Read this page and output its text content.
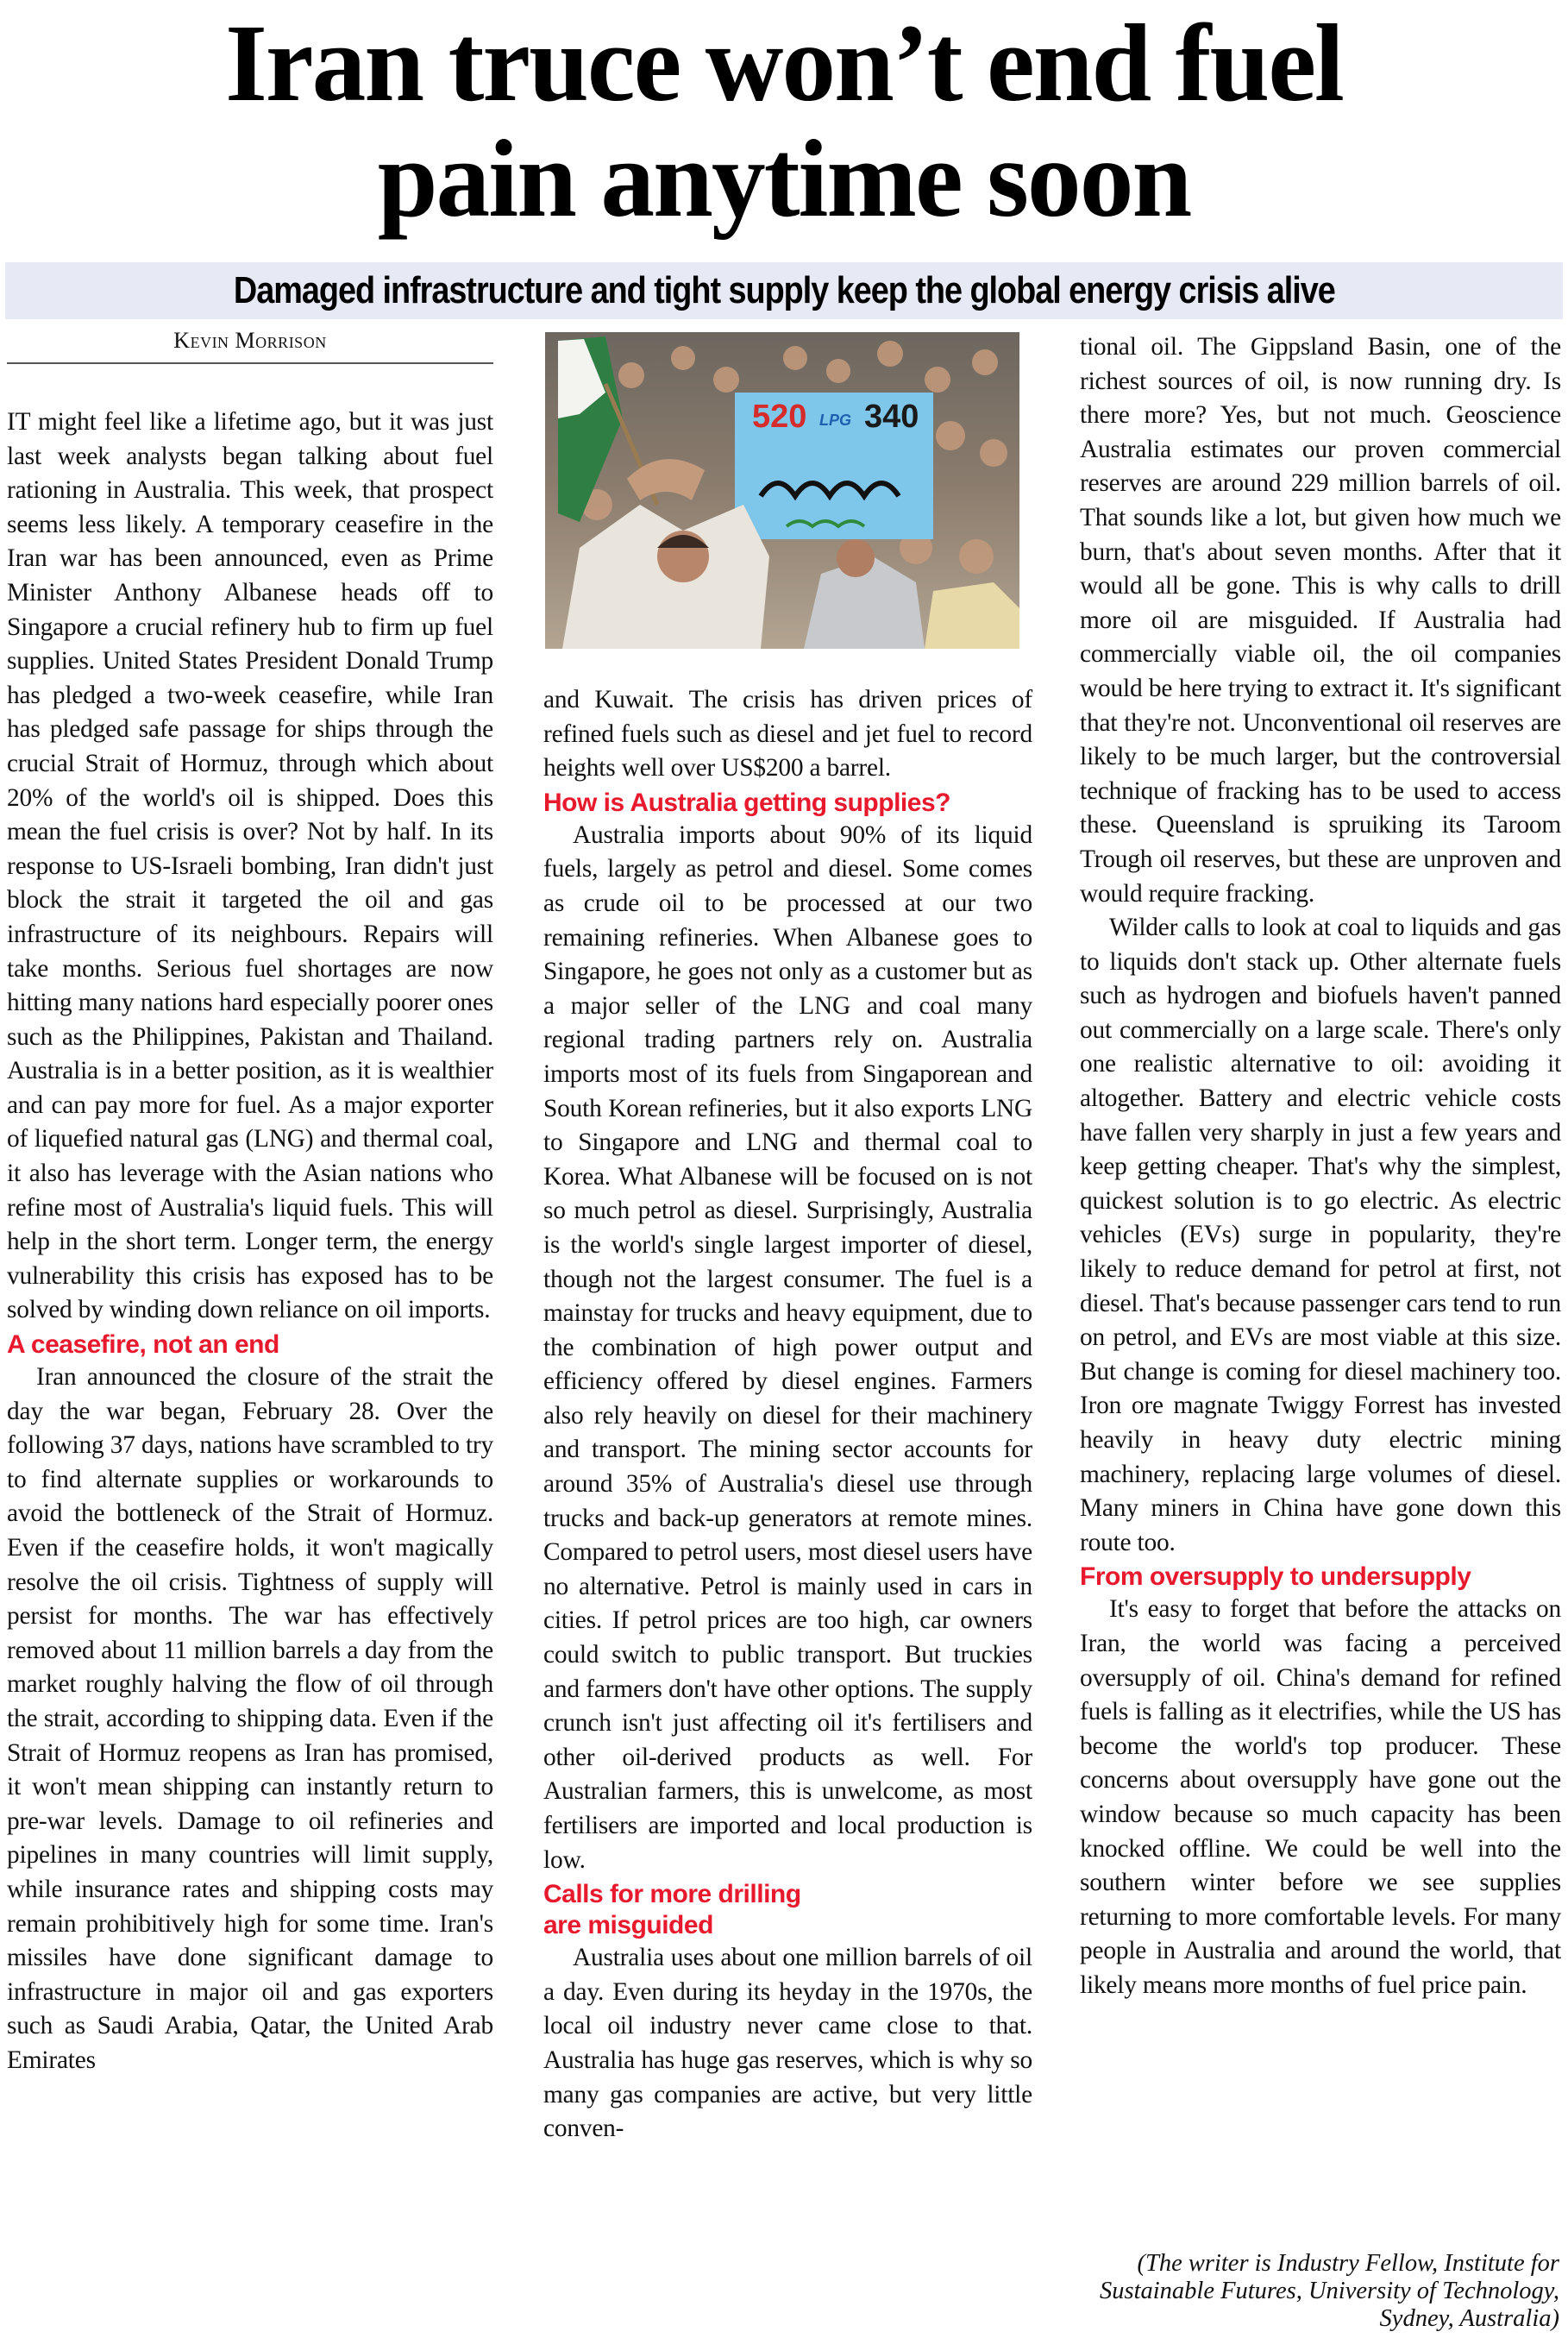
Iran truce won’t end fuel
pain anytime soon
Damaged infrastructure and tight supply keep the global energy crisis alive
Kevin Morrison

IT might feel like a lifetime ago, but it was just last week analysts began talking about fuel rationing in Australia. This week, that prospect seems less likely. A temporary ceasefire in the Iran war has been announced, even as Prime Minister Anthony Albanese heads off to Singapore a crucial refinery hub to firm up fuel supplies. United States President Donald Trump has pledged a two-week ceasefire, while Iran has pledged safe passage for ships through the crucial Strait of Hormuz, through which about 20% of the world's oil is shipped. Does this mean the fuel crisis is over? Not by half. In its response to US-Israeli bombing, Iran didn't just block the strait it targeted the oil and gas infrastructure of its neighbours. Repairs will take months. Serious fuel shortages are now hitting many nations hard especially poorer ones such as the Philippines, Pakistan and Thailand. Australia is in a better position, as it is wealthier and can pay more for fuel. As a major exporter of liquefied natural gas (LNG) and thermal coal, it also has leverage with the Asian nations who refine most of Australia's liquid fuels. This will help in the short term. Longer term, the energy vulnerability this crisis has exposed has to be solved by winding down reliance on oil imports.

A ceasefire, not an end

Iran announced the closure of the strait the day the war began, February 28. Over the following 37 days, nations have scrambled to try to find alternate supplies or workarounds to avoid the bottleneck of the Strait of Hormuz. Even if the ceasefire holds, it won't magically resolve the oil crisis. Tightness of supply will persist for months. The war has effectively removed about 11 million barrels a day from the market roughly halving the flow of oil through the strait, according to shipping data. Even if the Strait of Hormuz reopens as Iran has promised, it won't mean shipping can instantly return to pre-war levels. Damage to oil refineries and pipelines in many countries will limit supply, while insurance rates and shipping costs may remain prohibitively high for some time. Iran's missiles have done significant damage to infrastructure in major oil and gas exporters such as Saudi Arabia, Qatar, the United Arab Emirates

520 LPG 340

and Kuwait. The crisis has driven prices of refined fuels such as diesel and jet fuel to record heights well over US$200 a barrel.

How is Australia getting supplies?

Australia imports about 90% of its liquid fuels, largely as petrol and diesel. Some comes as crude oil to be processed at our two remaining refineries. When Albanese goes to Singapore, he goes not only as a customer but as a major seller of the LNG and coal many regional trading partners rely on. Australia imports most of its fuels from Singaporean and South Korean refineries, but it also exports LNG to Singapore and LNG and thermal coal to Korea. What Albanese will be focused on is not so much petrol as diesel. Surprisingly, Australia is the world's single largest importer of diesel, though not the largest consumer. The fuel is a mainstay for trucks and heavy equipment, due to the combination of high power output and efficiency offered by diesel engines. Farmers also rely heavily on diesel for their machinery and transport. The mining sector accounts for around 35% of Australia's diesel use through trucks and back-up generators at remote mines. Compared to petrol users, most diesel users have no alternative. Petrol is mainly used in cars in cities. If petrol prices are too high, car owners could switch to public transport. But truckies and farmers don't have other options. The supply crunch isn't just affecting oil it's fertilisers and other oil-derived products as well. For Australian farmers, this is unwelcome, as most fertilisers are imported and local production is low.

Calls for more drilling
are misguided

Australia uses about one million barrels of oil a day. Even during its heyday in the 1970s, the local oil industry never came close to that. Australia has huge gas reserves, which is why so many gas companies are active, but very little conven-

tional oil. The Gippsland Basin, one of the richest sources of oil, is now running dry. Is there more? Yes, but not much. Geoscience Australia estimates our proven commercial reserves are around 229 million barrels of oil. That sounds like a lot, but given how much we burn, that's about seven months. After that it would all be gone. This is why calls to drill more oil are misguided. If Australia had commercially viable oil, the oil companies would be here trying to extract it. It's significant that they're not. Unconventional oil reserves are likely to be much larger, but the controversial technique of fracking has to be used to access these. Queensland is spruiking its Taroom Trough oil reserves, but these are unproven and would require fracking.

Wilder calls to look at coal to liquids and gas to liquids don't stack up. Other alternate fuels such as hydrogen and biofuels haven't panned out commercially on a large scale. There's only one realistic alternative to oil: avoiding it altogether. Battery and electric vehicle costs have fallen very sharply in just a few years and keep getting cheaper. That's why the simplest, quickest solution is to go electric. As electric vehicles (EVs) surge in popularity, they're likely to reduce demand for petrol at first, not diesel. That's because passenger cars tend to run on petrol, and EVs are most viable at this size. But change is coming for diesel machinery too. Iron ore magnate Twiggy Forrest has invested heavily in heavy duty electric mining machinery, replacing large volumes of diesel. Many miners in China have gone down this route too.

From oversupply to undersupply

It's easy to forget that before the attacks on Iran, the world was facing a perceived oversupply of oil. China's demand for refined fuels is falling as it electrifies, while the US has become the world's top producer. These concerns about oversupply have gone out the window because so much capacity has been knocked offline. We could be well into the southern winter before we see supplies returning to more comfortable levels. For many people in Australia and around the world, that likely means more months of fuel price pain.

(The writer is Industry Fellow, Institute for Sustainable Futures, University of Technology, Sydney, Australia)
